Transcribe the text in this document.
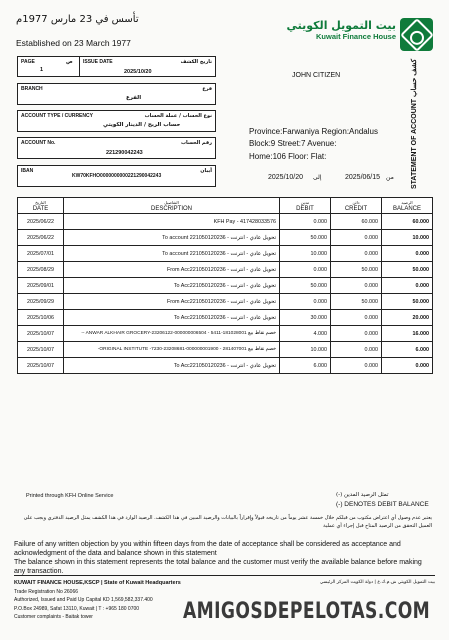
تأسس في 23 مارس 1977م
Established on 23 March 1977
بيت التمويل الكويتي
Kuwait Finance House
PAGE	ص
1
ISSUE DATE	تاريخ الكشف
2025/10/20
BRANCH	فرع
الفرع
ACCOUNT TYPE / CURRENCY	نوع الحساب / عملة الحساب
حساب الربح / الدينار الكويتي
ACCOUNT No.	رقم الحساب
221290042243
IBAN	أيبان
KW70KFHO0000000000221290042243
JOHN CITIZEN
Province:Farwaniya Region:Andalus
Block:9 Street:7 Avenue:
Home:106 Floor: Flat:
2025/10/20 إلى	2025/06/15 من STATEMENT OF ACCOUNT كشف حساب
التاريخ
DATE	التفاصيل
DESCRIPTION	مدين
DEBIT	دائن
CREDIT	الرصيد
BALANCE
2025/06/22	KFH Pay - 417428033576	0.000	60.000	60.000
2025/06/22	To account 221050120236 - تحويل عادي - انترنت	50.000	0.000	10.000
2025/07/01	To account 221050120236 - تحويل عادي - انترنت	10.000	0.000	0.000
2025/08/29	From Acc221050120236 - تحويل عادي - انترنت	0.000	50.000	50.000
2025/09/01	To Acc221050120236 - تحويل عادي - انترنت	50.000	0.000	0.000
2025/09/29	From Acc221050120236 - تحويل عادي - انترنت	0.000	50.000	50.000
2025/10/06	To Acc221050120236 - تحويل عادي - انترنت	30.000	0.000	20.000
2025/10/07	-- ANWAR ALKHAIR GROCERY-23206122-000000006504 - خصم نقاط بيع 181028001-5411	4.000	0.000	16.000
2025/10/07	-ORIGINAL INSTITUTE -7230-23208681-000000001900 - خصم نقاط بيع 281407001	10.000	0.000	6.000
2025/10/07	To Acc221050120236 - تحويل عادي - انترنت	6.000	0.000	0.000
Printed through KFH Online Service	(-) تمثل الرصيد المدين
(-) DENOTES DEBIT BALANCE
يعتبر عدم وصول أي اعتراض مكتوب من قبلكم خلال خمسة عشر يوماً من تاريخه قبولاً وإقراراً بالبيانات والرصيد المبين في هذا الكشف. الرصيد الوارد في هذا الكشف يمثل الرصيد الدفتري ويجب على العميل التحقق من الرصيد المتاح قبل إجراء أي عملية
Failure of any written objection by you within fifteen days from the date of acceptance shall be considered as acceptance and acknowledgment of the data and balance shown in this statement
The balance shown in this statement represents the total balance and the customer must verify the available balance before making any transaction.
KUWAIT FINANCE HOUSE,KSCP | State of Kuwait Headquarters
Trade Registration No 26066
Authorized, Issued and Paid Up Capital KD 1,569,582,337.400
P.O.Box 24989, Safat 13110, Kuwait | T : +965 180 0700
Customer complaints - Baitak tower
بيت التمويل الكويتي ش.م.ك.ع | دولة الكويت المركز الرئيسي
AMIGOSDEPELOTAS.COM
